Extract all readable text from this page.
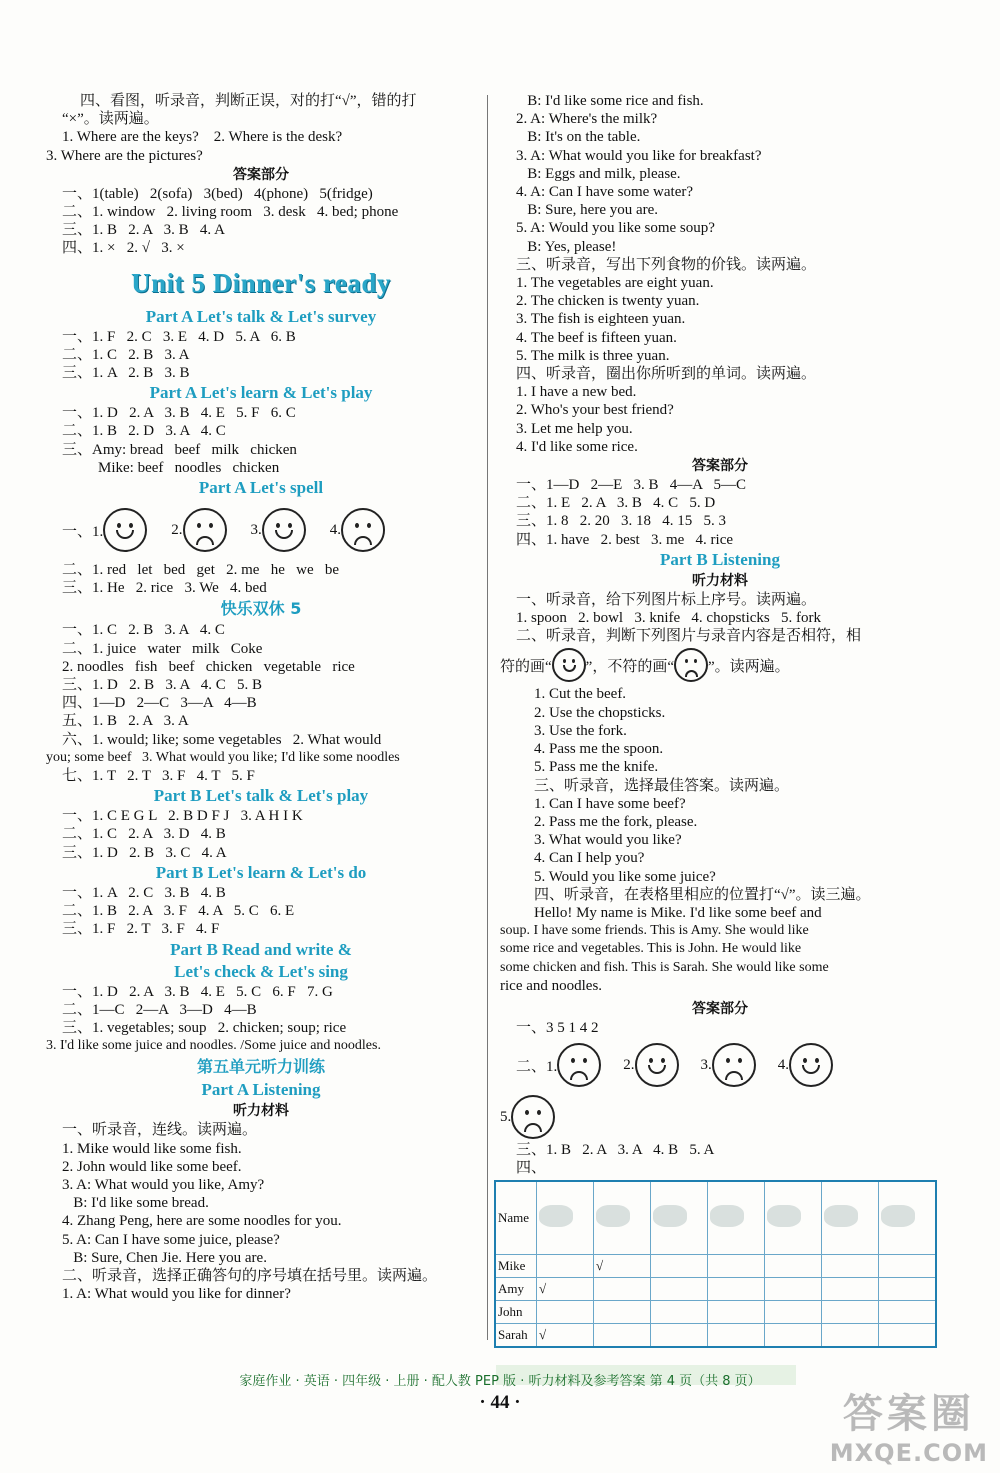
四、看图，听录音，判断正误，对的打“√”，错的打
“×”。读两遍。
1. Where are the keys?    2. Where is the desk?
3. Where are the pictures?
答案部分
一、1(table)   2(sofa)   3(bed)   4(phone)   5(fridge)
二、1. window   2. living room   3. desk   4. bed; phone
三、1. B   2. A   3. B   4. A
四、1. ×   2. √   3. ×
Unit 5 Dinner's ready
Part A Let's talk & Let's survey
一、1. F   2. C   3. E   4. D   5. A   6. B
二、1. C   2. B   3. A
三、1. A   2. B   3. B
Part A Let's learn & Let's play
一、1. D   2. A   3. B   4. E   5. F   6. C
二、1. B   2. D   3. A   4. C
三、Amy: bread   beef   milk   chicken
Mike: beef   noodles   chicken
Part A Let's spell
一、1.	2.	3.	4.
二、1. red   let   bed   get   2. me   he   we   be
三、1. He   2. rice   3. We   4. bed
快乐双休 5
一、1. C   2. B   3. A   4. C
二、1. juice   water   milk   Coke
2. noodles   fish   beef   chicken   vegetable   rice
三、1. D   2. B   3. A   4. C   5. B
四、1—D   2—C   3—A   4—B
五、1. B   2. A   3. A
六、1. would; like; some vegetables   2. What would
you; some beef   3. What would you like; I'd like some noodles
七、1. T   2. T   3. F   4. T   5. F
Part B Let's talk & Let's play
一、1. C E G L   2. B D F J   3. A H I K
二、1. C   2. A   3. D   4. B
三、1. D   2. B   3. C   4. A
Part B Let's learn & Let's do
一、1. A   2. C   3. B   4. B
二、1. B   2. A   3. F   4. A   5. C   6. E
三、1. F   2. T   3. F   4. F
Part B Read and write &
Let's check & Let's sing
一、1. D   2. A   3. B   4. E   5. C   6. F   7. G
二、1—C   2—A   3—D   4—B
三、1. vegetables; soup   2. chicken; soup; rice
3. I'd like some juice and noodles. /Some juice and noodles.
第五单元听力训练
Part A Listening
听力材料
一、听录音，连线。读两遍。
1. Mike would like some fish.
2. John would like some beef.
3. A: What would you like, Amy?
B: I'd like some bread.
4. Zhang Peng, here are some noodles for you.
5. A: Can I have some juice, please?
B: Sure, Chen Jie. Here you are.
二、听录音，选择正确答句的序号填在括号里。读两遍。
1. A: What would you like for dinner?
B: I'd like some rice and fish.
2. A: Where's the milk?
B: It's on the table.
3. A: What would you like for breakfast?
B: Eggs and milk, please.
4. A: Can I have some water?
B: Sure, here you are.
5. A: Would you like some soup?
B: Yes, please!
三、听录音，写出下列食物的价钱。读两遍。
1. The vegetables are eight yuan.
2. The chicken is twenty yuan.
3. The fish is eighteen yuan.
4. The beef is fifteen yuan.
5. The milk is three yuan.
四、听录音，圈出你所听到的单词。读两遍。
1. I have a new bed.
2. Who's your best friend?
3. Let me help you.
4. I'd like some rice.
答案部分
一、1—D   2—E   3. B   4—A   5—C
二、1. E   2. A   3. B   4. C   5. D
三、1. 8   2. 20   3. 18   4. 15   5. 3
四、1. have   2. best   3. me   4. rice
Part B Listening
听力材料
一、听录音，给下列图片标上序号。读两遍。
1. spoon   2. bowl   3. knife   4. chopsticks   5. fork
二、听录音，判断下列图片与录音内容是否相符，相
符的画“ ”，不符的画“ ”。读两遍。
1. Cut the beef.
2. Use the chopsticks.
3. Use the fork.
4. Pass me the spoon.
5. Pass me the knife.
三、听录音，选择最佳答案。读两遍。
1. Can I have some beef?
2. Pass me the fork, please.
3. What would you like?
4. Can I help you?
5. Would you like some juice?
四、听录音，在表格里相应的位置打“√”。读三遍。
Hello! My name is Mike. I'd like some beef and
soup. I have some friends. This is Amy. She would like
some rice and vegetables. This is John. He would like
some chicken and fish. This is Sarah. She would like some
rice and noodles.
答案部分
一、3 5 1 4 2
二、1.	2.	3.	4.
5.
三、1. B   2. A   3. A   4. B   5. A
四、
Name							
Mike		√					
Amy	√						
John							
Sarah	√						
家庭作业 · 英语 · 四年级 · 上册 · 配人教 PEP 版 · 听力材料及参考答案 第 4 页（共 8 页）
· 44 ·	答案圈
MXQE.COM
